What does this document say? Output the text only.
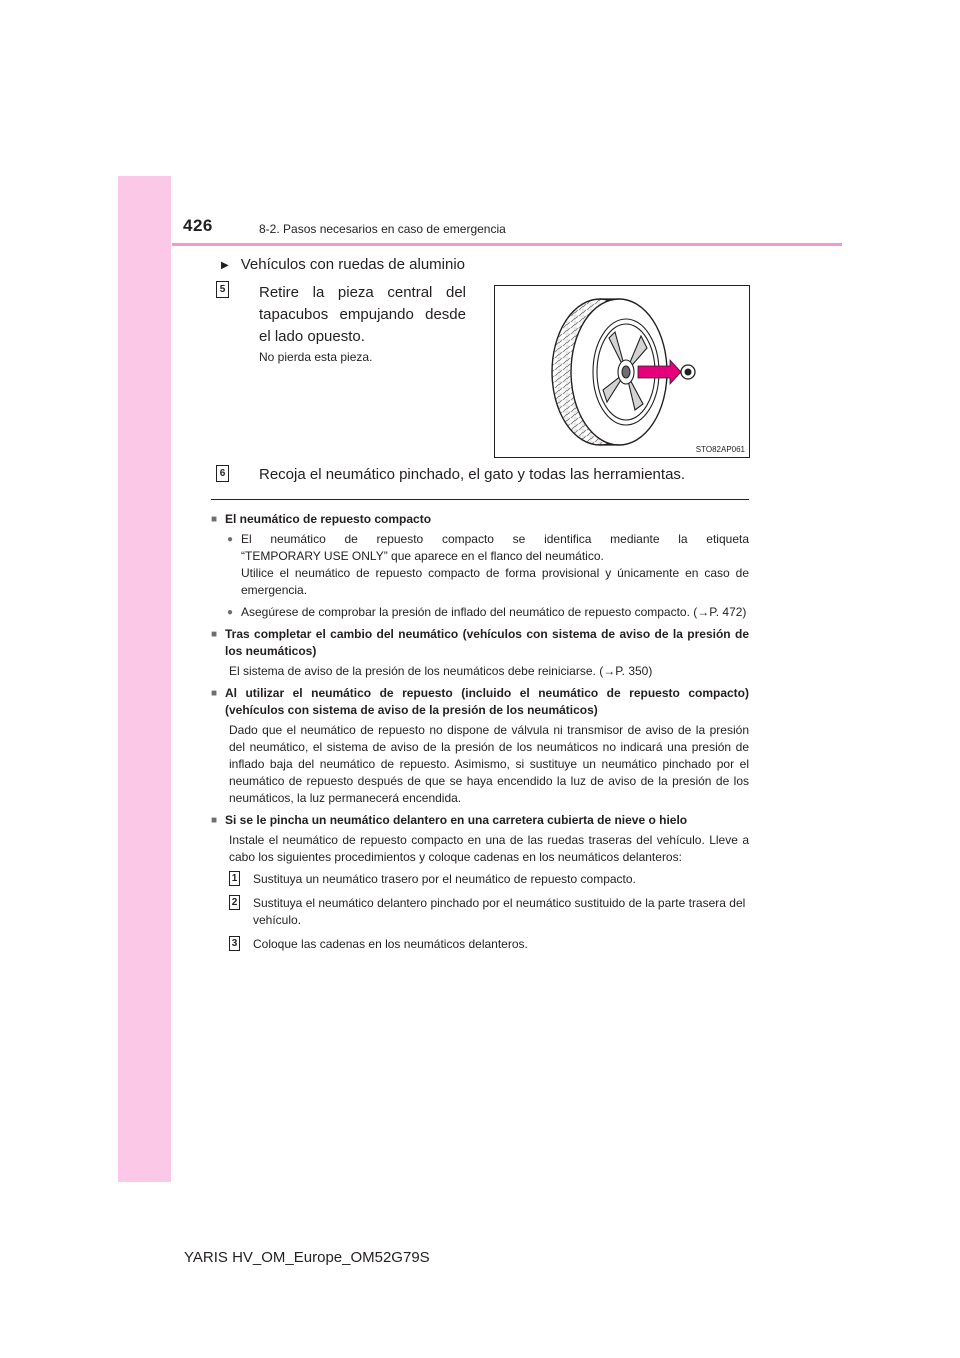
426	8-2. Pasos necesarios en caso de emergencia
▶ Vehículos con ruedas de aluminio
5 Retire la pieza central del tapacubos empujando desde el lado opuesto.
No pierda esta pieza.
STO82AP061
6 Recoja el neumático pinchado, el gato y todas las herramientas.
■ El neumático de repuesto compacto
● El neumático de repuesto compacto se identifica mediante la etiqueta
“TEMPORARY USE ONLY” que aparece en el flanco del neumático.
Utilice el neumático de repuesto compacto de forma provisional y únicamente en caso de emergencia.
● Asegúrese de comprobar la presión de inflado del neumático de repuesto compacto. (→P. 472)
■ Tras completar el cambio del neumático (vehículos con sistema de aviso de la presión de los neumáticos)
El sistema de aviso de la presión de los neumáticos debe reiniciarse. (→P. 350)
■ Al utilizar el neumático de repuesto (incluido el neumático de repuesto compacto) (vehículos con sistema de aviso de la presión de los neumáticos)
Dado que el neumático de repuesto no dispone de válvula ni transmisor de aviso de la presión del neumático, el sistema de aviso de la presión de los neumáticos no indicará una presión de inflado baja del neumático de repuesto. Asimismo, si sustituye un neumático pinchado por el neumático de repuesto después de que se haya encendido la luz de aviso de la presión de los neumáticos, la luz permanecerá encendida.
■ Si se le pincha un neumático delantero en una carretera cubierta de nieve o hielo
Instale el neumático de repuesto compacto en una de las ruedas traseras del vehículo. Lleve a cabo los siguientes procedimientos y coloque cadenas en los neumáticos delanteros:
1 Sustituya un neumático trasero por el neumático de repuesto compacto.
2 Sustituya el neumático delantero pinchado por el neumático sustituido de la parte trasera del vehículo.
3 Coloque las cadenas en los neumáticos delanteros.
YARIS HV_OM_Europe_OM52G79S
